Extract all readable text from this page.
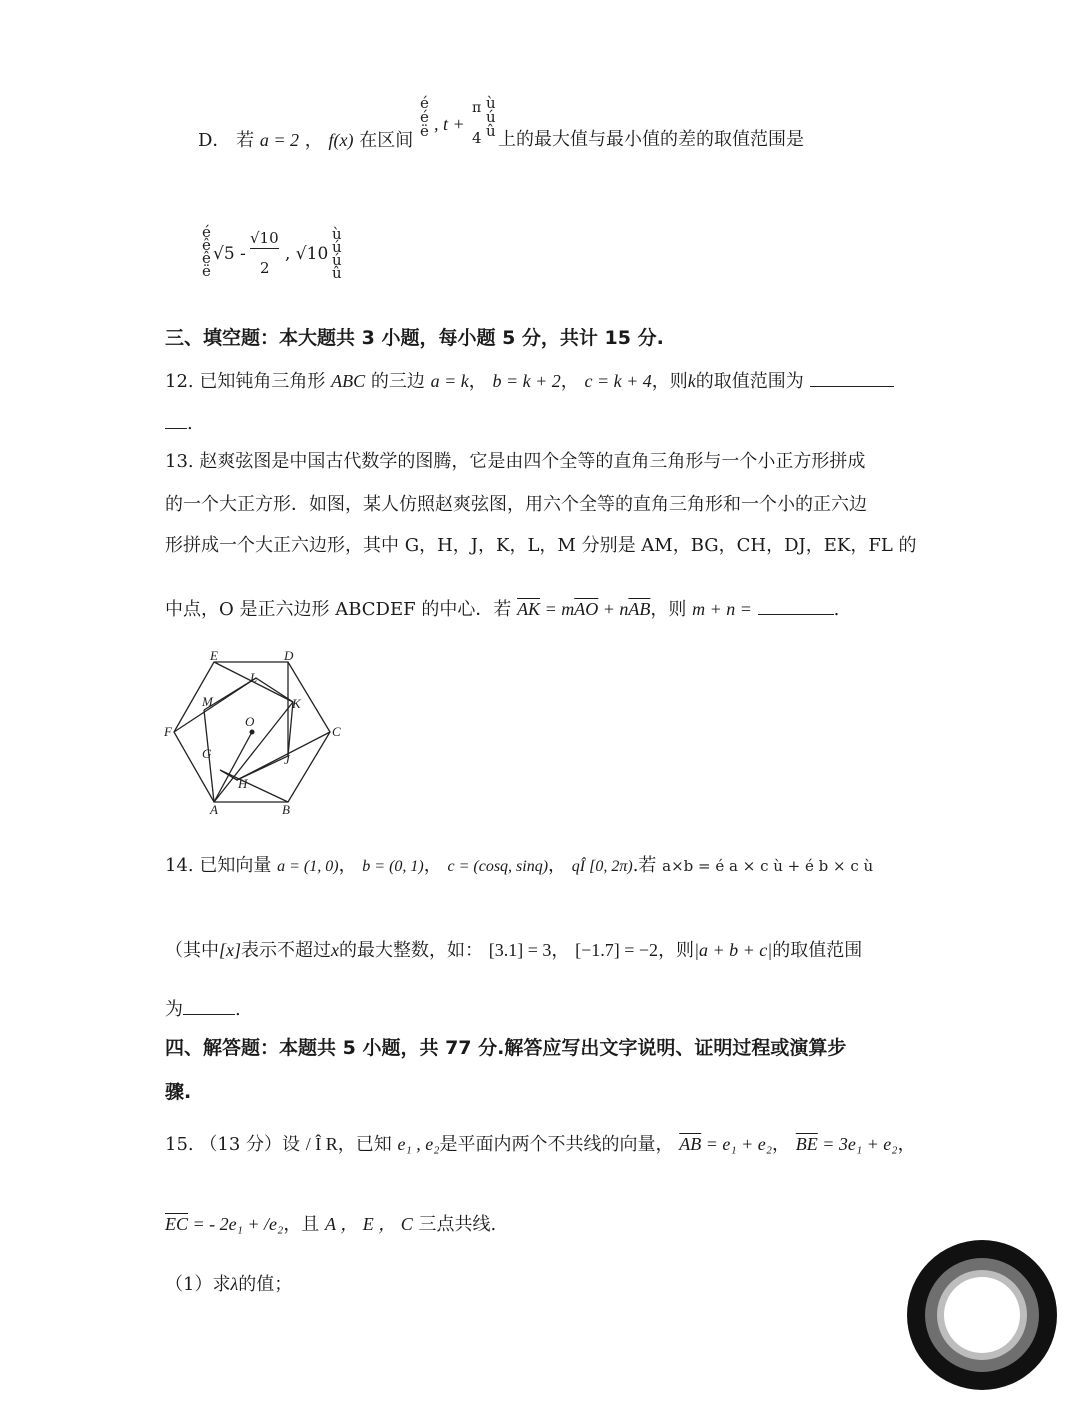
D． 若 a = 2 ， f(x) 在区间
é
é
ë , t +
π
4
ù
ú
û 上的最大值与最小值的差的取值范围是
é
ê
ê
ë
√5 -
√10
2
, √10
ù
ú
ú
û
三、填空题：本大题共 3 小题，每小题 5 分，共计 15 分.
12. 已知钝角三角形 ABC 的三边 a = k， b = k + 2， c = k + 4，则k的取值范围为
.
13. 赵爽弦图是中国古代数学的图腾，它是由四个全等的直角三角形与一个小正方形拼成
的一个大正方形．如图，某人仿照赵爽弦图，用六个全等的直角三角形和一个小的正六边
形拼成一个大正六边形，其中 G，H，J，K，L，M 分别是 AM，BG，CH，DJ，EK，FL 的
中点，O 是正六边形 ABCDEF 的中心．若 $\overline{AK} = m\overline{AO} + n\overline{AB}$，则 m + n =	.
E	D
L
M	K
O
F	C
G	J
H
A	B
14. 已知向量 a = (1, 0)， b = (0, 1)， c = (cosq, sinq)， qÎ [0, 2π).若 a×b = é a × c ù + é b × c ù
（其中[x]表示不超过x的最大整数，如： [3.1] = 3， [−1.7] = −2，则|a + b + c|的取值范围
为	.
四、解答题：本题共 5 小题，共 77 分.解答应写出文字说明、证明过程或演算步
骤.
15. （13 分）设 / Î R，已知 e₁ , e₂是平面内两个不共线的向量， $\overline{AB} = e_1 + e_2$， $\overline{BE} = 3e_1 + e_2$，
$\overline{EC}$ = - 2e₁ + /e₂，且 A ， E ， C 三点共线.
（1）求λ的值；
